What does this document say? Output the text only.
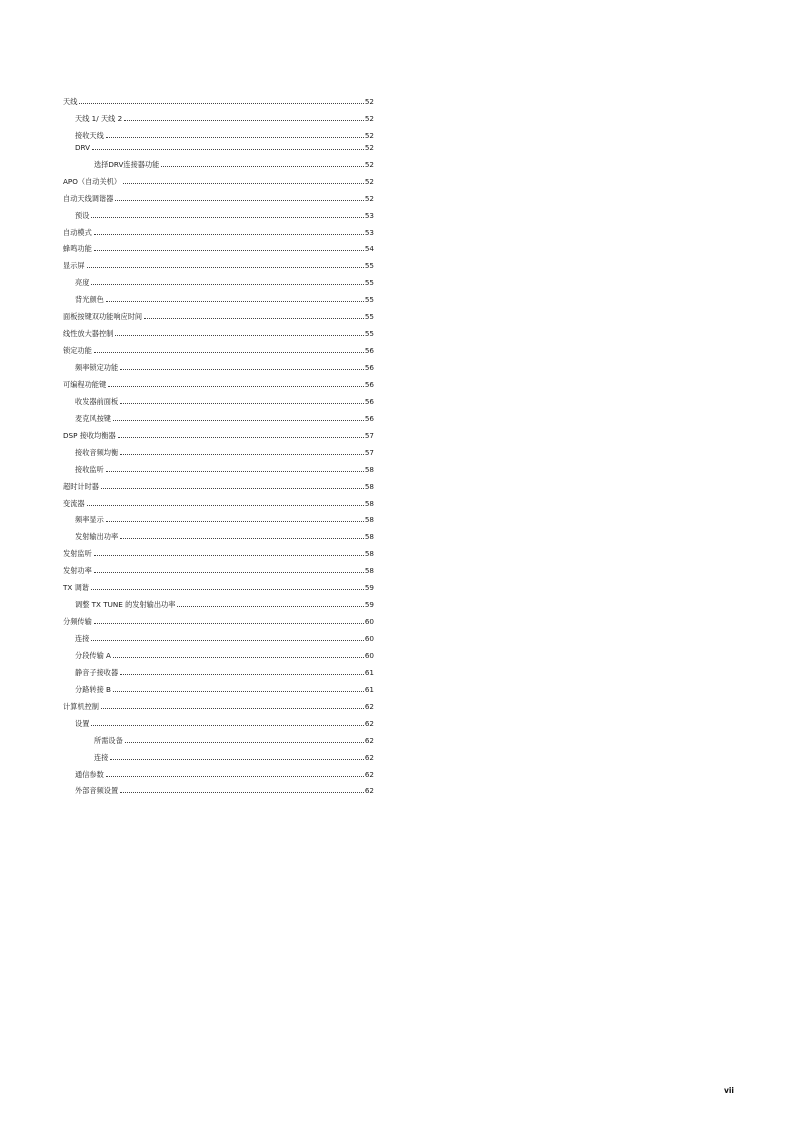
天线	52
天线 1/ 天线 2	52
接收天线	52
DRV	52
选择DRV连接器功能	52
APO（自动关机）	52
自动天线调谐器	52
预设	53
自动模式	53
蜂鸣功能	54
显示屏	55
亮度	55
背光颜色	55
面板按键双功能响应时间	55
线性放大器控制	55
锁定功能	56
频率锁定功能	56
可编程功能键	56
收发器前面板	56
麦克风按键	56
DSP 接收均衡器	57
接收音频均衡	57
接收监听	58
超时计时器	58
变流器	58
频率显示	58
发射输出功率	58
发射监听	58
发射功率	58
TX 调谐	59
调整 TX TUNE 的发射输出功率	59
分频传输	60
连接	60
分段传输 A	60
静音子接收器	61
分路转接 B	61
计算机控制	62
设置	62
所需设备	62
连接	62
通信参数	62
外部音频设置	62
vii
